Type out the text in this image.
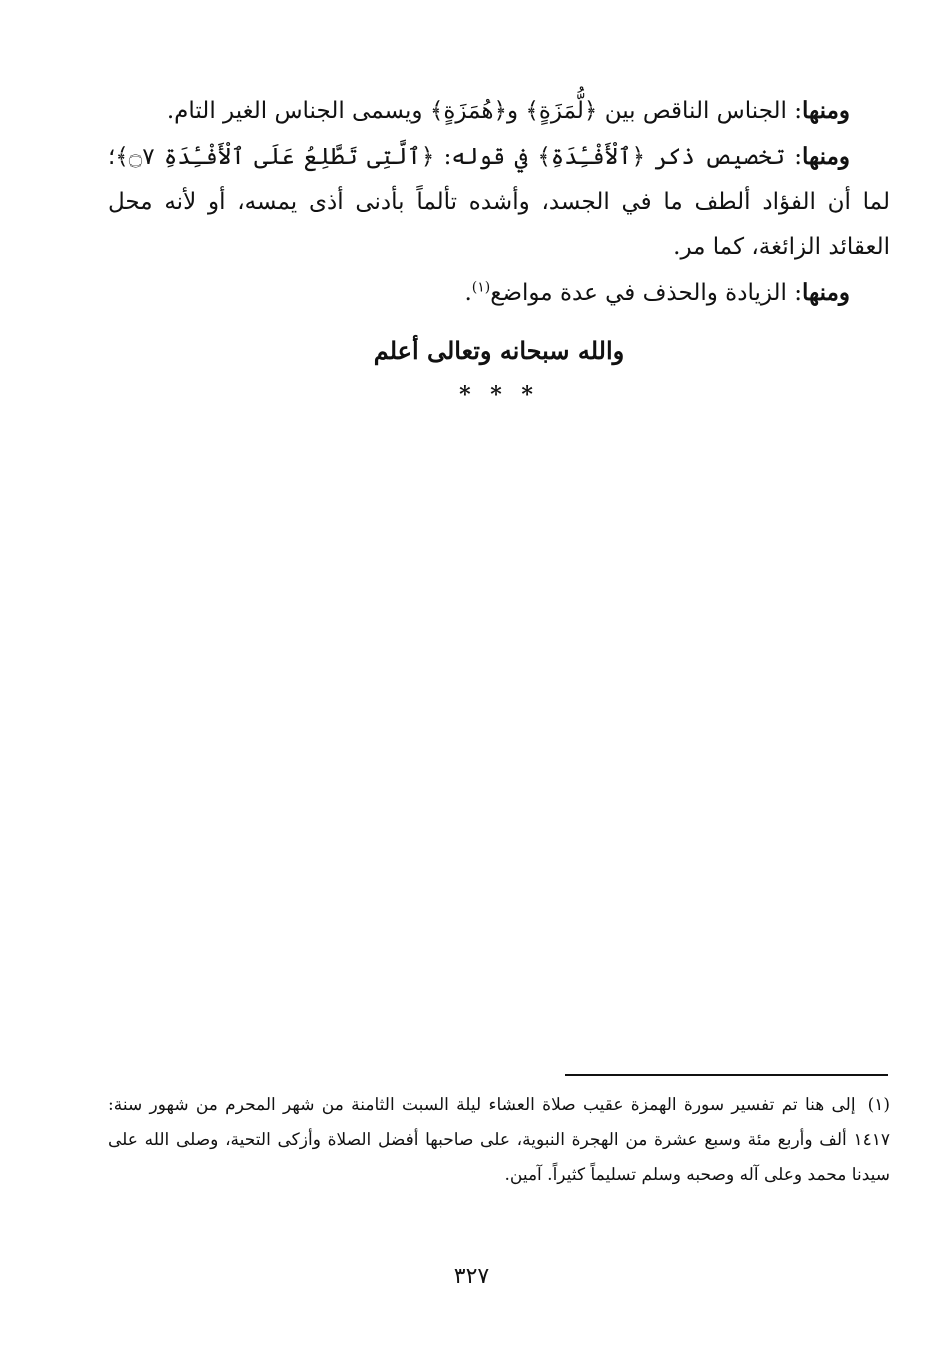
ومنها: الجناس الناقص بين ﴿لُّمَزَةٍ﴾ و﴿هُمَزَةٍ﴾ ويسمى الجناس الغير التام.

ومنها: تخصيص ذكر ﴿ٱلْأَفْـِٔدَةِ﴾ في قوله: ﴿ٱلَّتِى تَطَّلِعُ عَلَى ٱلْأَفْـِٔدَةِ ۝٧﴾؛ لما أن الفؤاد ألطف ما في الجسد، وأشده تألماً بأدنى أذى يمسه، أو لأنه محل العقائد الزائغة، كما مر.

ومنها: الزيادة والحذف في عدة مواضع$^{(١)}$.

والله سبحانه وتعالى أعلم
* * *
(١)إلى هنا تم تفسير سورة الهمزة عقيب صلاة العشاء ليلة السبت الثامنة من شهر المحرم من شهور سنة: ١٤١٧ ألف وأربع مئة وسبع عشرة من الهجرة النبوية، على صاحبها أفضل الصلاة وأزكى التحية، وصلى الله على سيدنا محمد وعلى آله وصحبه وسلم تسليماً كثيراً. آمين.
٣٢٧
